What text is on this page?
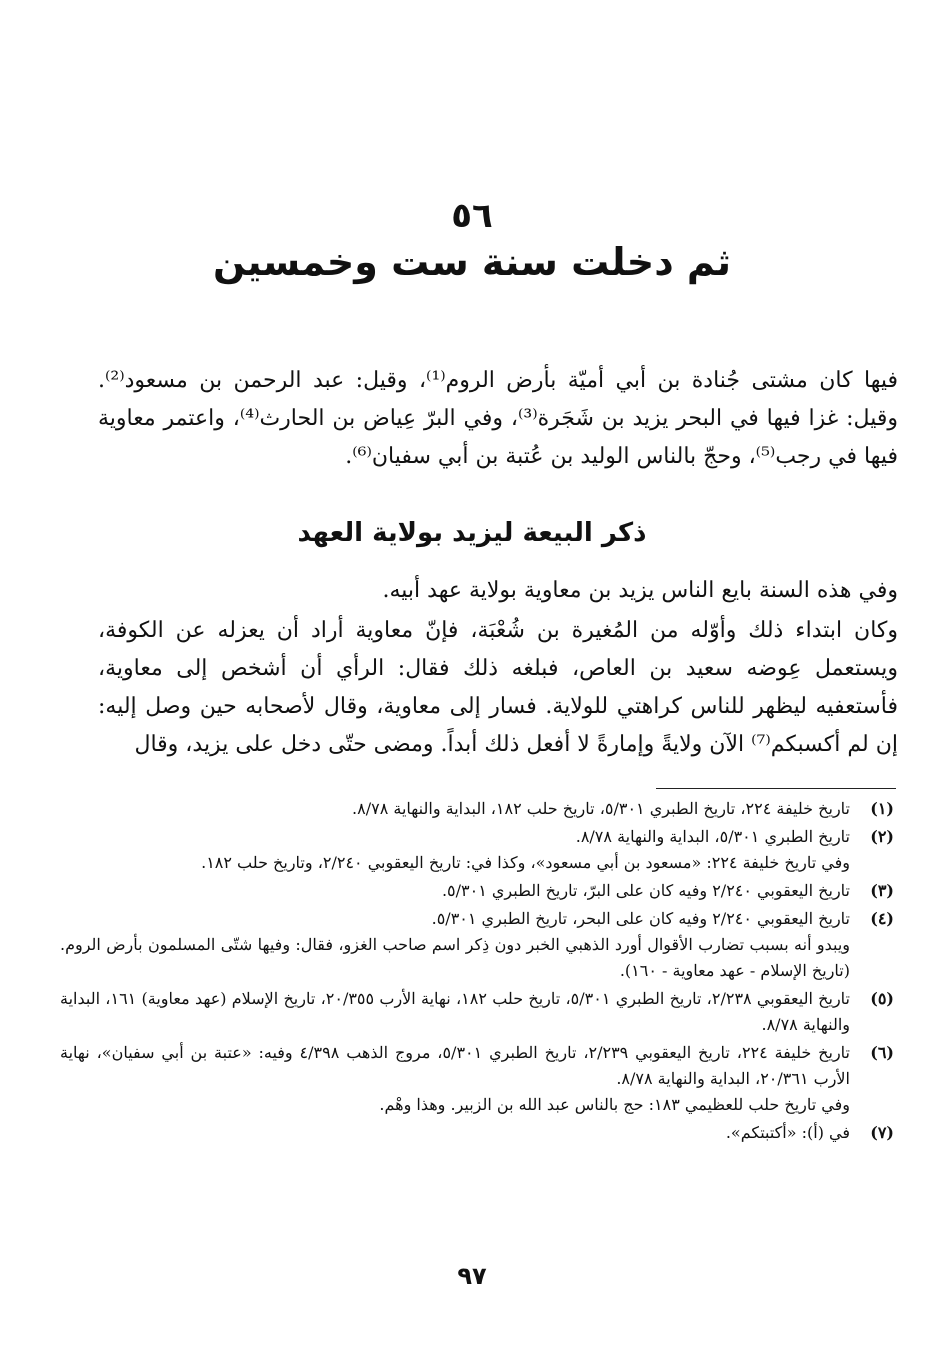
٥٦
ثم دخلت سنة ست وخمسين
فيها كان مشتى جُنادة بن أبي أميّة بأرض الروم⁽¹⁾، وقيل: عبد الرحمن بن مسعود⁽²⁾. وقيل: غزا فيها في البحر يزيد بن شَجَرة⁽³⁾، وفي البرّ عِياض بن الحارث⁽⁴⁾، واعتمر معاوية فيها في رجب⁽⁵⁾، وحجّ بالناس الوليد بن عُتبة بن أبي سفيان⁽⁶⁾.
ذكر البيعة ليزيد بولاية العهد
وفي هذه السنة بايع الناس يزيد بن معاوية بولاية عهد أبيه.
وكان ابتداء ذلك وأوّله من المُغيرة بن شُعْبَة، فإنّ معاوية أراد أن يعزله عن الكوفة، ويستعمل عِوضه سعيد بن العاص، فبلغه ذلك فقال: الرأي أن أشخص إلى معاوية، فأستعفيه ليظهر للناس كراهتي للولاية. فسار إلى معاوية، وقال لأصحابه حين وصل إليه: إن لم أكسبكم⁽⁷⁾ الآن ولايةً وإمارةً لا أفعل ذلك أبداً. ومضى حتّى دخل على يزيد، وقال
(١)
تاريخ خليفة ٢٢٤، تاريخ الطبري ٥/٣٠١، تاريخ حلب ١٨٢، البداية والنهاية ٨/٧٨.
(٢)
تاريخ الطبري ٥/٣٠١، البداية والنهاية ٨/٧٨.
وفي تاريخ خليفة ٢٢٤: «مسعود بن أبي مسعود»، وكذا في: تاريخ اليعقوبي ٢/٢٤٠، وتاريخ حلب ١٨٢.
(٣)
تاريخ اليعقوبي ٢/٢٤٠ وفيه كان على البرّ، تاريخ الطبري ٥/٣٠١.
(٤)
تاريخ اليعقوبي ٢/٢٤٠ وفيه كان على البحر، تاريخ الطبري ٥/٣٠١.
ويبدو أنه بسبب تضارب الأقوال أورد الذهبي الخبر دون ذِكر اسم صاحب الغزو، فقال: وفيها شتّى المسلمون بأرض الروم. (تاريخ الإسلام - عهد معاوية - ١٦٠).
(٥)
تاريخ اليعقوبي ٢/٢٣٨، تاريخ الطبري ٥/٣٠١، تاريخ حلب ١٨٢، نهاية الأرب ٢٠/٣٥٥، تاريخ الإسلام (عهد معاوية) ١٦١، البداية والنهاية ٨/٧٨.
(٦)
تاريخ خليفة ٢٢٤، تاريخ اليعقوبي ٢/٢٣٩، تاريخ الطبري ٥/٣٠١، مروج الذهب ٤/٣٩٨ وفيه: «عتبة بن أبي سفيان»، نهاية الأرب ٢٠/٣٦١، البداية والنهاية ٨/٧٨.
وفي تاريخ حلب للعظيمي ١٨٣: حج بالناس عبد الله بن الزبير. وهذا وهْم.
(٧)
في (أ): «أكتبتكم».
٩٧
